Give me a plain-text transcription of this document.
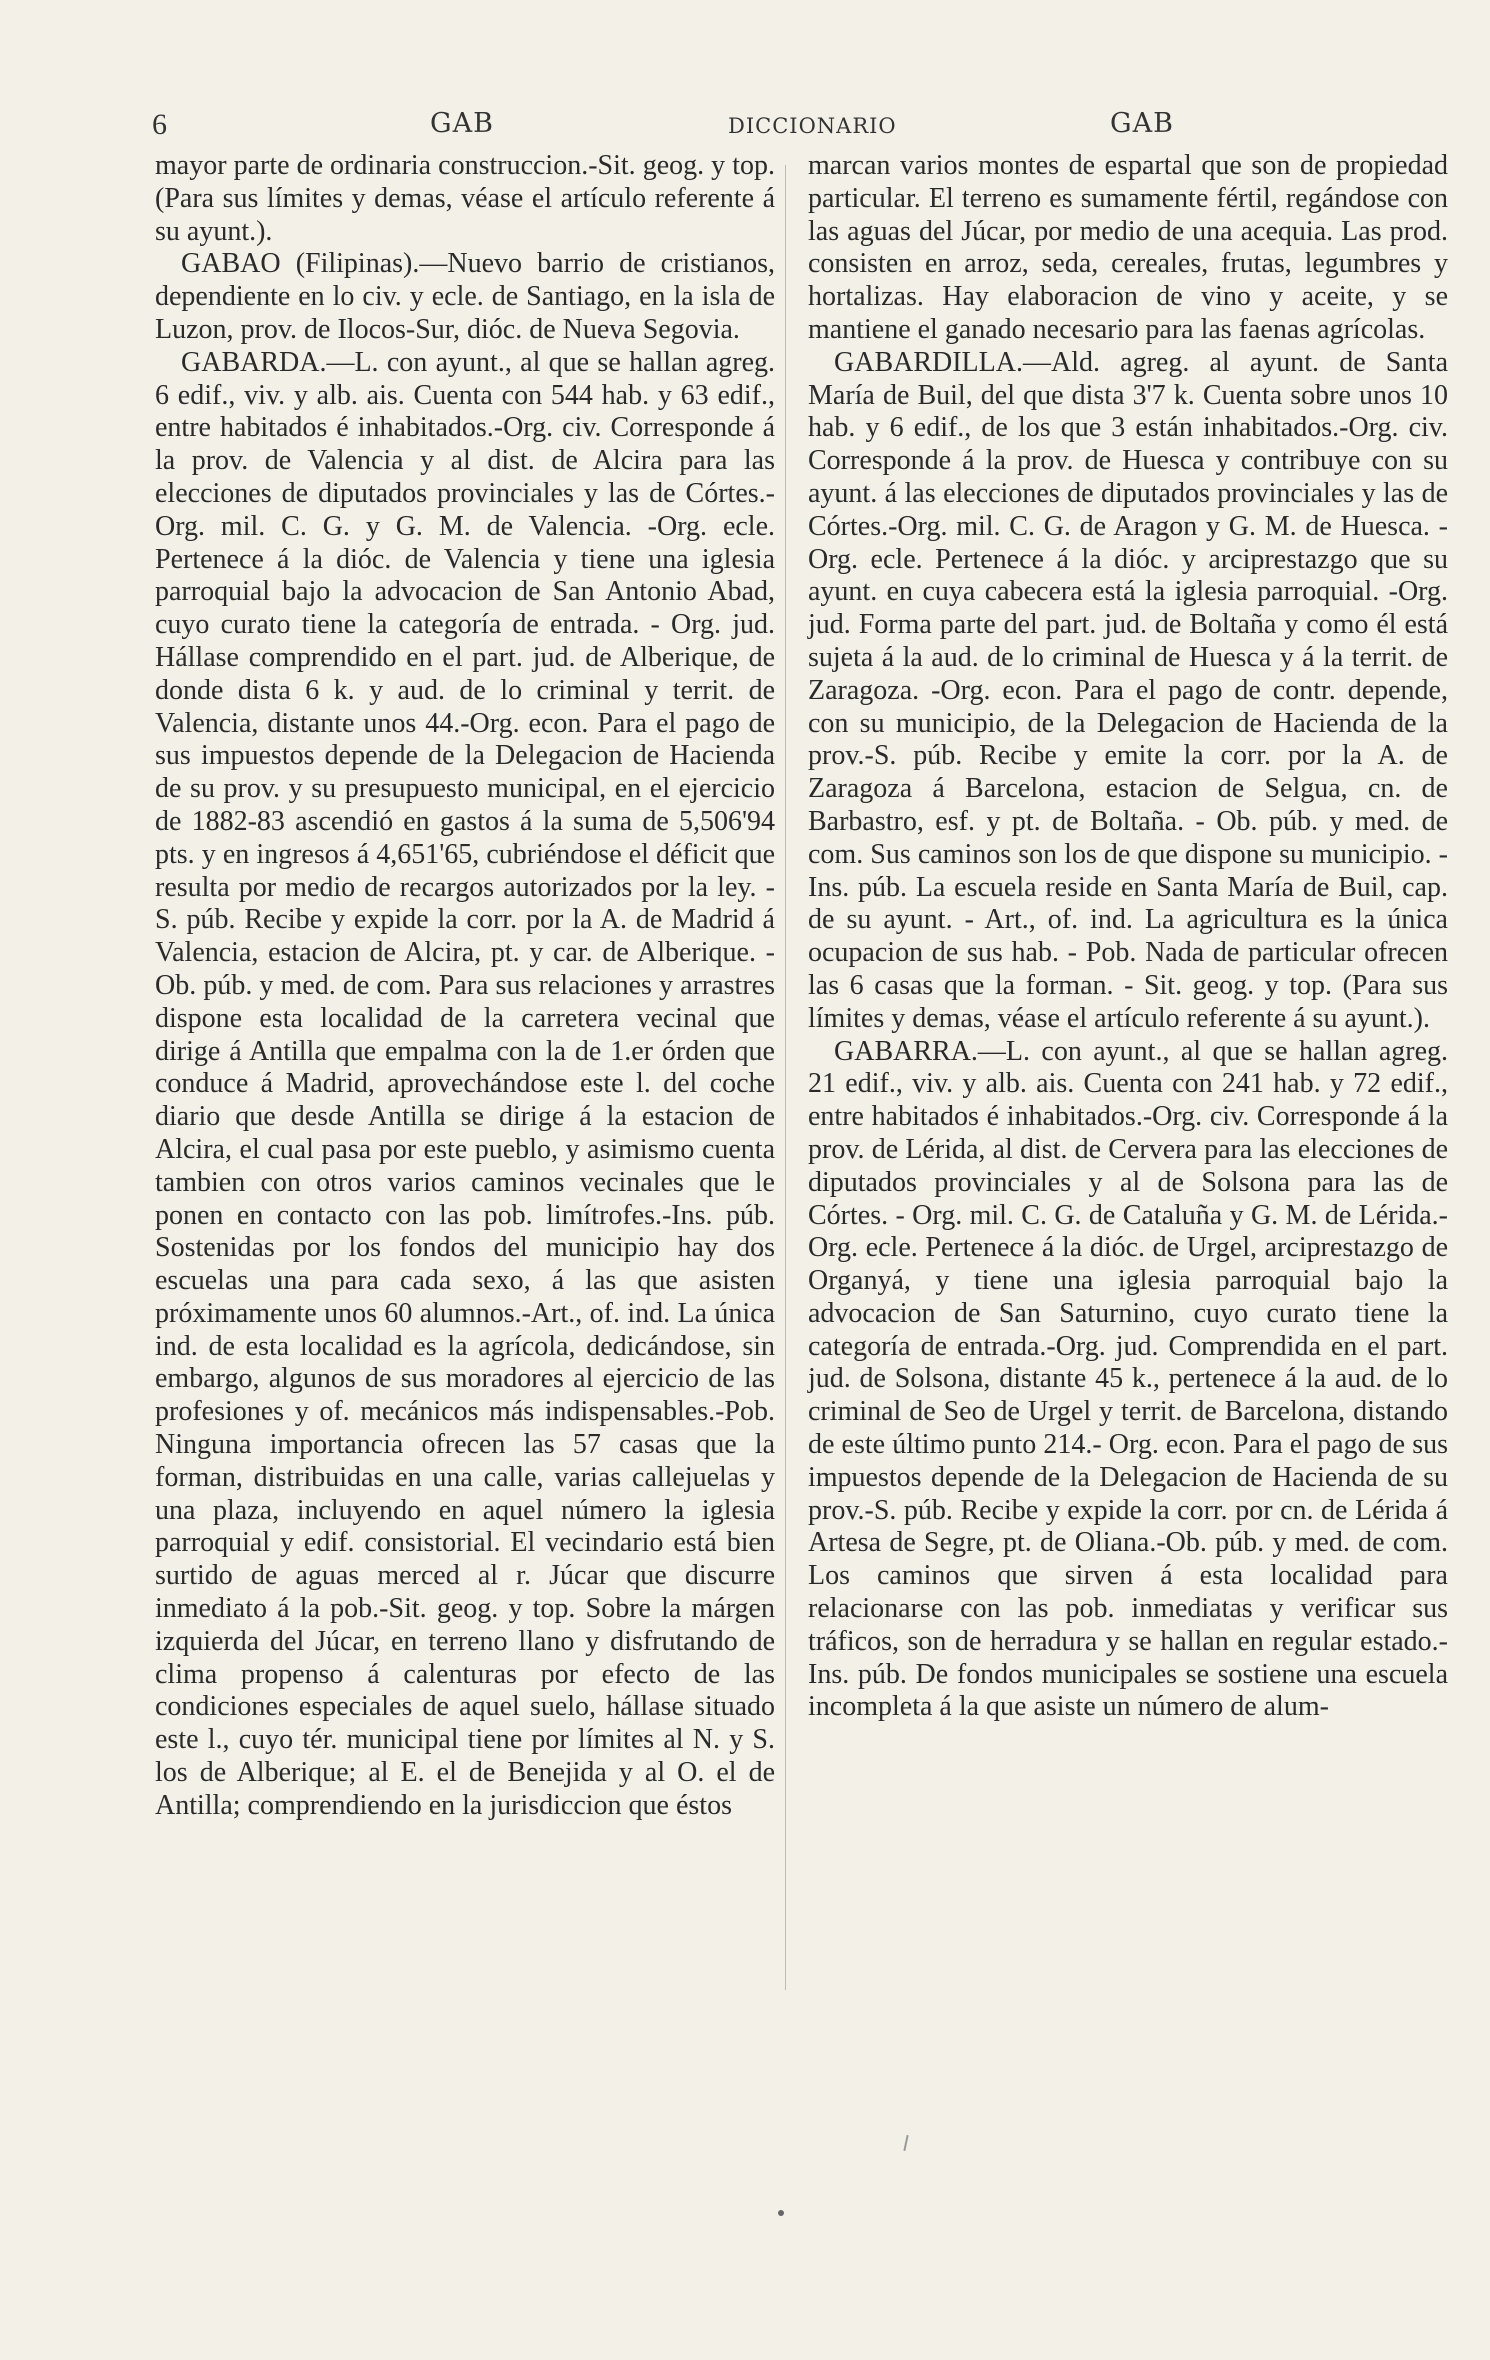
6	GAB	DICCIONARIO	GAB

mayor parte de ordinaria construccion.-Sit. geog. y top. (Para sus límites y demas, véase el artículo referente á su ayunt.).

GABAO (Filipinas).—Nuevo barrio de cristianos, dependiente en lo civ. y ecle. de Santiago, en la isla de Luzon, prov. de Ilocos-Sur, dióc. de Nueva Segovia.

GABARDA.—L. con ayunt., al que se hallan agreg. 6 edif., viv. y alb. ais. Cuenta con 544 hab. y 63 edif., entre habitados é inhabitados.-Org. civ. Corresponde á la prov. de Valencia y al dist. de Alcira para las elecciones de diputados provinciales y las de Córtes.-Org. mil. C. G. y G. M. de Valencia. -Org. ecle. Pertenece á la dióc. de Valencia y tiene una iglesia parroquial bajo la advocacion de San Antonio Abad, cuyo curato tiene la categoría de entrada. - Org. jud. Hállase comprendido en el part. jud. de Alberique, de donde dista 6 k. y aud. de lo criminal y territ. de Valencia, distante unos 44.-Org. econ. Para el pago de sus impuestos depende de la Delegacion de Hacienda de su prov. y su presupuesto municipal, en el ejercicio de 1882-83 ascendió en gastos á la suma de 5,506'94 pts. y en ingresos á 4,651'65, cubriéndose el déficit que resulta por medio de recargos autorizados por la ley. - S. púb. Recibe y expide la corr. por la A. de Madrid á Valencia, estacion de Alcira, pt. y car. de Alberique. - Ob. púb. y med. de com. Para sus relaciones y arrastres dispone esta localidad de la carretera vecinal que dirige á Antilla que empalma con la de 1.er órden que conduce á Madrid, aprovechándose este l. del coche diario que desde Antilla se dirige á la estacion de Alcira, el cual pasa por este pueblo, y asimismo cuenta tambien con otros varios caminos vecinales que le ponen en contacto con las pob. limítrofes.-Ins. púb. Sostenidas por los fondos del municipio hay dos escuelas una para cada sexo, á las que asisten próximamente unos 60 alumnos.-Art., of. ind. La única ind. de esta localidad es la agrícola, dedicándose, sin embargo, algunos de sus moradores al ejercicio de las profesiones y of. mecánicos más indispensables.-Pob. Ninguna importancia ofrecen las 57 casas que la forman, distribuidas en una calle, varias callejuelas y una plaza, incluyendo en aquel número la iglesia parroquial y edif. consistorial. El vecindario está bien surtido de aguas merced al r. Júcar que discurre inmediato á la pob.-Sit. geog. y top. Sobre la márgen izquierda del Júcar, en terreno llano y disfrutando de clima propenso á calenturas por efecto de las condiciones especiales de aquel suelo, hállase situado este l., cuyo tér. municipal tiene por límites al N. y S. los de Alberique; al E. el de Benejida y al O. el de Antilla; comprendiendo en la jurisdiccion que éstos

marcan varios montes de espartal que son de propiedad particular. El terreno es sumamente fértil, regándose con las aguas del Júcar, por medio de una acequia. Las prod. consisten en arroz, seda, cereales, frutas, legumbres y hortalizas. Hay elaboracion de vino y aceite, y se mantiene el ganado necesario para las faenas agrícolas.

GABARDILLA.—Ald. agreg. al ayunt. de Santa María de Buil, del que dista 3'7 k. Cuenta sobre unos 10 hab. y 6 edif., de los que 3 están inhabitados.-Org. civ. Corresponde á la prov. de Huesca y contribuye con su ayunt. á las elecciones de diputados provinciales y las de Córtes.-Org. mil. C. G. de Aragon y G. M. de Huesca. - Org. ecle. Pertenece á la dióc. y arciprestazgo que su ayunt. en cuya cabecera está la iglesia parroquial. -Org. jud. Forma parte del part. jud. de Boltaña y como él está sujeta á la aud. de lo criminal de Huesca y á la territ. de Zaragoza. -Org. econ. Para el pago de contr. depende, con su municipio, de la Delegacion de Hacienda de la prov.-S. púb. Recibe y emite la corr. por la A. de Zaragoza á Barcelona, estacion de Selgua, cn. de Barbastro, esf. y pt. de Boltaña. - Ob. púb. y med. de com. Sus caminos son los de que dispone su municipio. - Ins. púb. La escuela reside en Santa María de Buil, cap. de su ayunt. - Art., of. ind. La agricultura es la única ocupacion de sus hab. - Pob. Nada de particular ofrecen las 6 casas que la forman. - Sit. geog. y top. (Para sus límites y demas, véase el artículo referente á su ayunt.).

GABARRA.—L. con ayunt., al que se hallan agreg. 21 edif., viv. y alb. ais. Cuenta con 241 hab. y 72 edif., entre habitados é inhabitados.-Org. civ. Corresponde á la prov. de Lérida, al dist. de Cervera para las elecciones de diputados provinciales y al de Solsona para las de Córtes. - Org. mil. C. G. de Cataluña y G. M. de Lérida.-Org. ecle. Pertenece á la dióc. de Urgel, arciprestazgo de Organyá, y tiene una iglesia parroquial bajo la advocacion de San Saturnino, cuyo curato tiene la categoría de entrada.-Org. jud. Comprendida en el part. jud. de Solsona, distante 45 k., pertenece á la aud. de lo criminal de Seo de Urgel y territ. de Barcelona, distando de este último punto 214.- Org. econ. Para el pago de sus impuestos depende de la Delegacion de Hacienda de su prov.-S. púb. Recibe y expide la corr. por cn. de Lérida á Artesa de Segre, pt. de Oliana.-Ob. púb. y med. de com. Los caminos que sirven á esta localidad para relacionarse con las pob. inmediatas y verificar sus tráficos, son de herradura y se hallan en regular estado.-Ins. púb. De fondos municipales se sostiene una escuela incompleta á la que asiste un número de alum-
